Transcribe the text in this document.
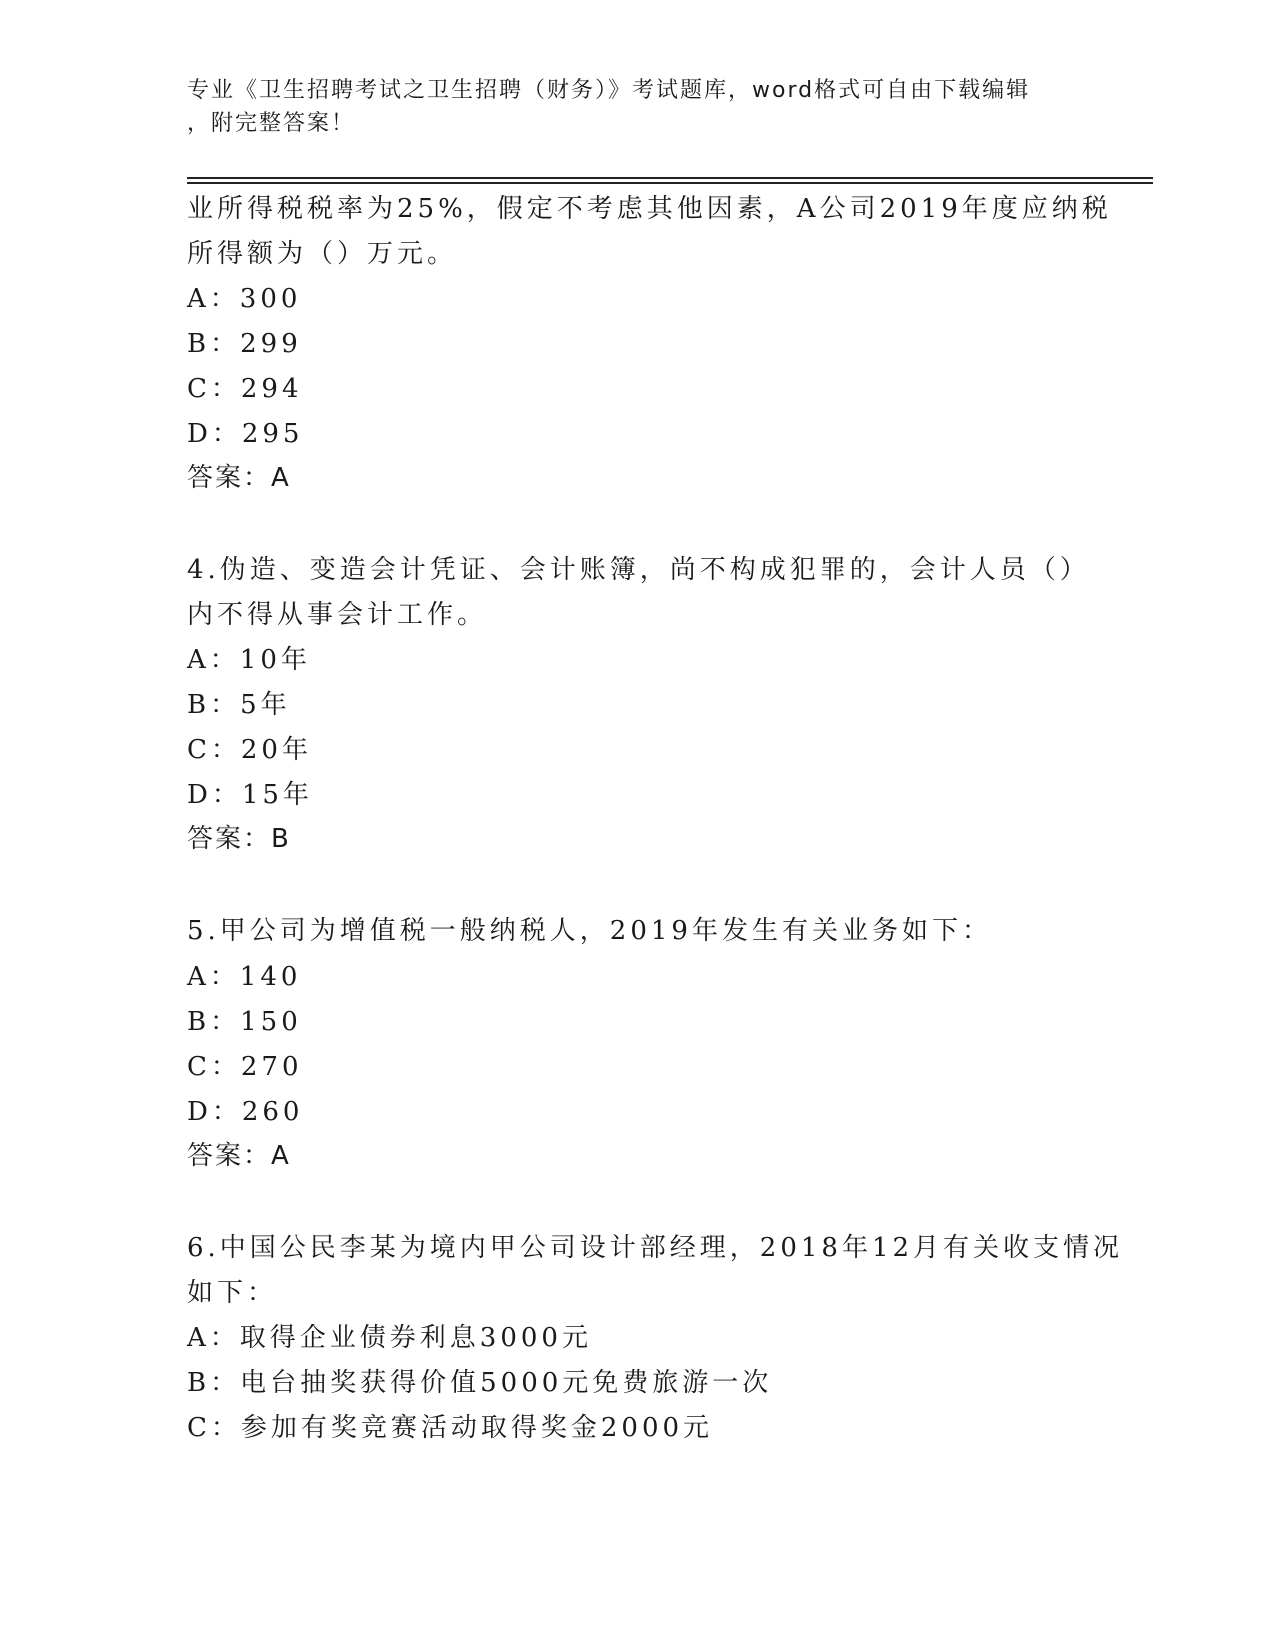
专业《卫生招聘考试之卫生招聘（财务）》考试题库，word格式可自由下载编辑
，附完整答案！
业所得税税率为25%，假定不考虑其他因素，A公司2019年度应纳税
所得额为（）万元。
A：300
B：299
C：294
D：295
答案：A
4.伪造、变造会计凭证、会计账簿，尚不构成犯罪的，会计人员（）
内不得从事会计工作。
A：10年
B：5年
C：20年
D：15年
答案：B
5.甲公司为增值税一般纳税人，2019年发生有关业务如下：
A：140
B：150
C：270
D：260
答案：A
6.中国公民李某为境内甲公司设计部经理，2018年12月有关收支情况
如下：
A：取得企业债券利息3000元
B：电台抽奖获得价值5000元免费旅游一次
C：参加有奖竞赛活动取得奖金2000元
